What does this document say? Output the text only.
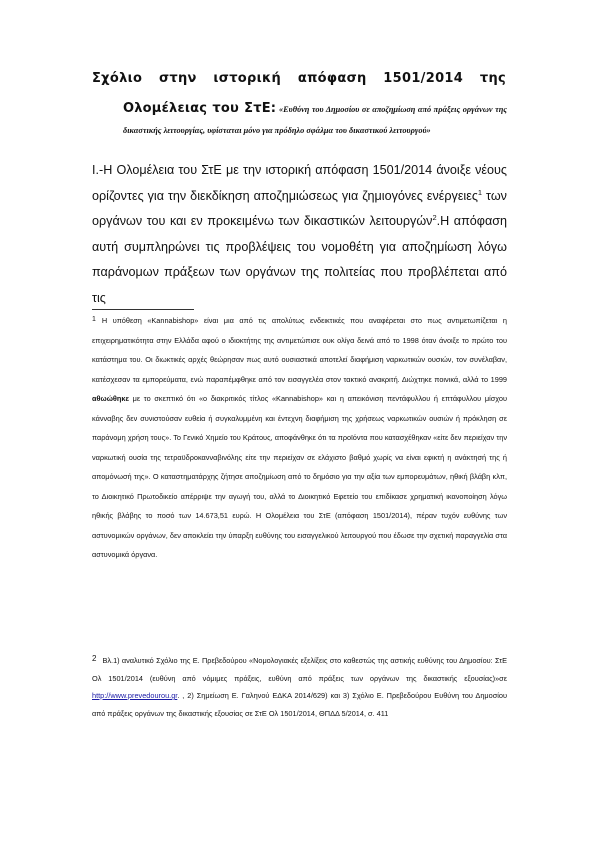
Σχόλιο στην ιστορική απόφαση 1501/2014 της
Ολομέλειας του ΣτΕ: «Ευθύνη του Δημοσίου σε αποζημίωση από πράξεις οργάνων της δικαστικής λειτουργίας, υφίσταται μόνο για πρόδηλο σφάλμα του δικαστικού λειτουργού»

I.-Η Ολομέλεια του ΣτΕ με την ιστορική απόφαση 1501/2014 άνοιξε νέους ορίζοντες για την διεκδίκηση αποζημιώσεως για ζημιογόνες ενέργειες$^1$ των οργάνων του και εν προκειμένω των δικαστικών λειτουργών$^2$.Η απόφαση αυτή συμπληρώνει τις προβλέψεις του νομοθέτη για αποζημίωση λόγω παράνομων πράξεων των οργάνων της πολιτείας που προβλέπεται από τις

1 Η υπόθεση «Kannabishop» είναι μια από τις απολύτως ενδεικτικές που αναφέρεται στο πως αντιμετωπίζεται η επιχειρηματικότητα στην Ελλάδα αφού ο ιδιοκτήτης της αντιμετώπισε ουκ ολίγα δεινά από το 1998 όταν άνοιξε το πρώτο του κατάστημα του. Οι διωκτικές αρχές θεώρησαν πως αυτό ουσιαστικά αποτελεί διαφήμιση ναρκωτικών ουσιών, τον συνέλαβαν, κατέσχεσαν τα εμπορεύματα, ενώ παραπέμφθηκε από τον εισαγγελέα στον τακτικό ανακριτή. Διώχτηκε ποινικά, αλλά το 1999 αθωώθηκε με το σκεπτικό ότι «ο διακριτικός τίτλος «Kannabishop» και η απεικόνιση πεντάφυλλου ή επτάφυλλου μίσχου κάνναβης δεν συνιστούσαν ευθεία ή συγκαλυμμένη και έντεχνη διαφήμιση της χρήσεως ναρκωτικών ουσιών ή πρόκληση σε παράνομη χρήση τους». Το Γενικό Χημείο του Κράτους, αποφάνθηκε ότι τα προϊόντα που κατασχέθηκαν «είτε δεν περιείχαν την ναρκωτική ουσία της τετραϋδροκανναβινόλης είτε την περιείχαν σε ελάχιστο βαθμό χωρίς να είναι εφικτή η ανάκτησή της ή απομόνωσή της». Ο καταστηματάρχης ζήτησε αποζημίωση από το δημόσιο για την αξία των εμπορευμάτων, ηθική βλάβη κλπ, το Διοικητικό Πρωτοδικείο απέρριψε την αγωγή του, αλλά το Διοικητικό Εφετείο του επιδίκασε χρηματική ικανοποίηση λόγω ηθικής βλάβης το ποσό των 14.673,51 ευρώ. Η Ολομέλεια του ΣτΕ (απόφαση 1501/2014), πέραν τυχόν ευθύνης των αστυνομικών οργάνων, δεν αποκλείει την ύπαρξη ευθύνης του εισαγγελικού λειτουργού που έδωσε την σχετική παραγγελία στα αστυνομικά όργανα.

2 Βλ.1) αναλυτικό Σχόλιο της Ε. Πρεβεδούρου «Νομολογιακές εξελίξεις στο καθεστώς της αστικής ευθύνης του Δημοσίου: ΣτΕ Ολ 1501/2014 (ευθύνη από νόμιμες πράξεις, ευθύνη από πράξεις των οργάνων της δικαστικής εξουσίας)»σε http://www.prevedourou.gr. , 2) Σημείωση Ε. Γαληνού ΕΔΚΑ 2014/629) και 3) Σχόλιο Ε. Πρεβεδούρου Ευθύνη του Δημοσίου από πράξεις οργάνων της δικαστικής εξουσίας σε ΣτΕ Ολ 1501/2014, ΘΠΔΔ 5/2014, σ. 411
